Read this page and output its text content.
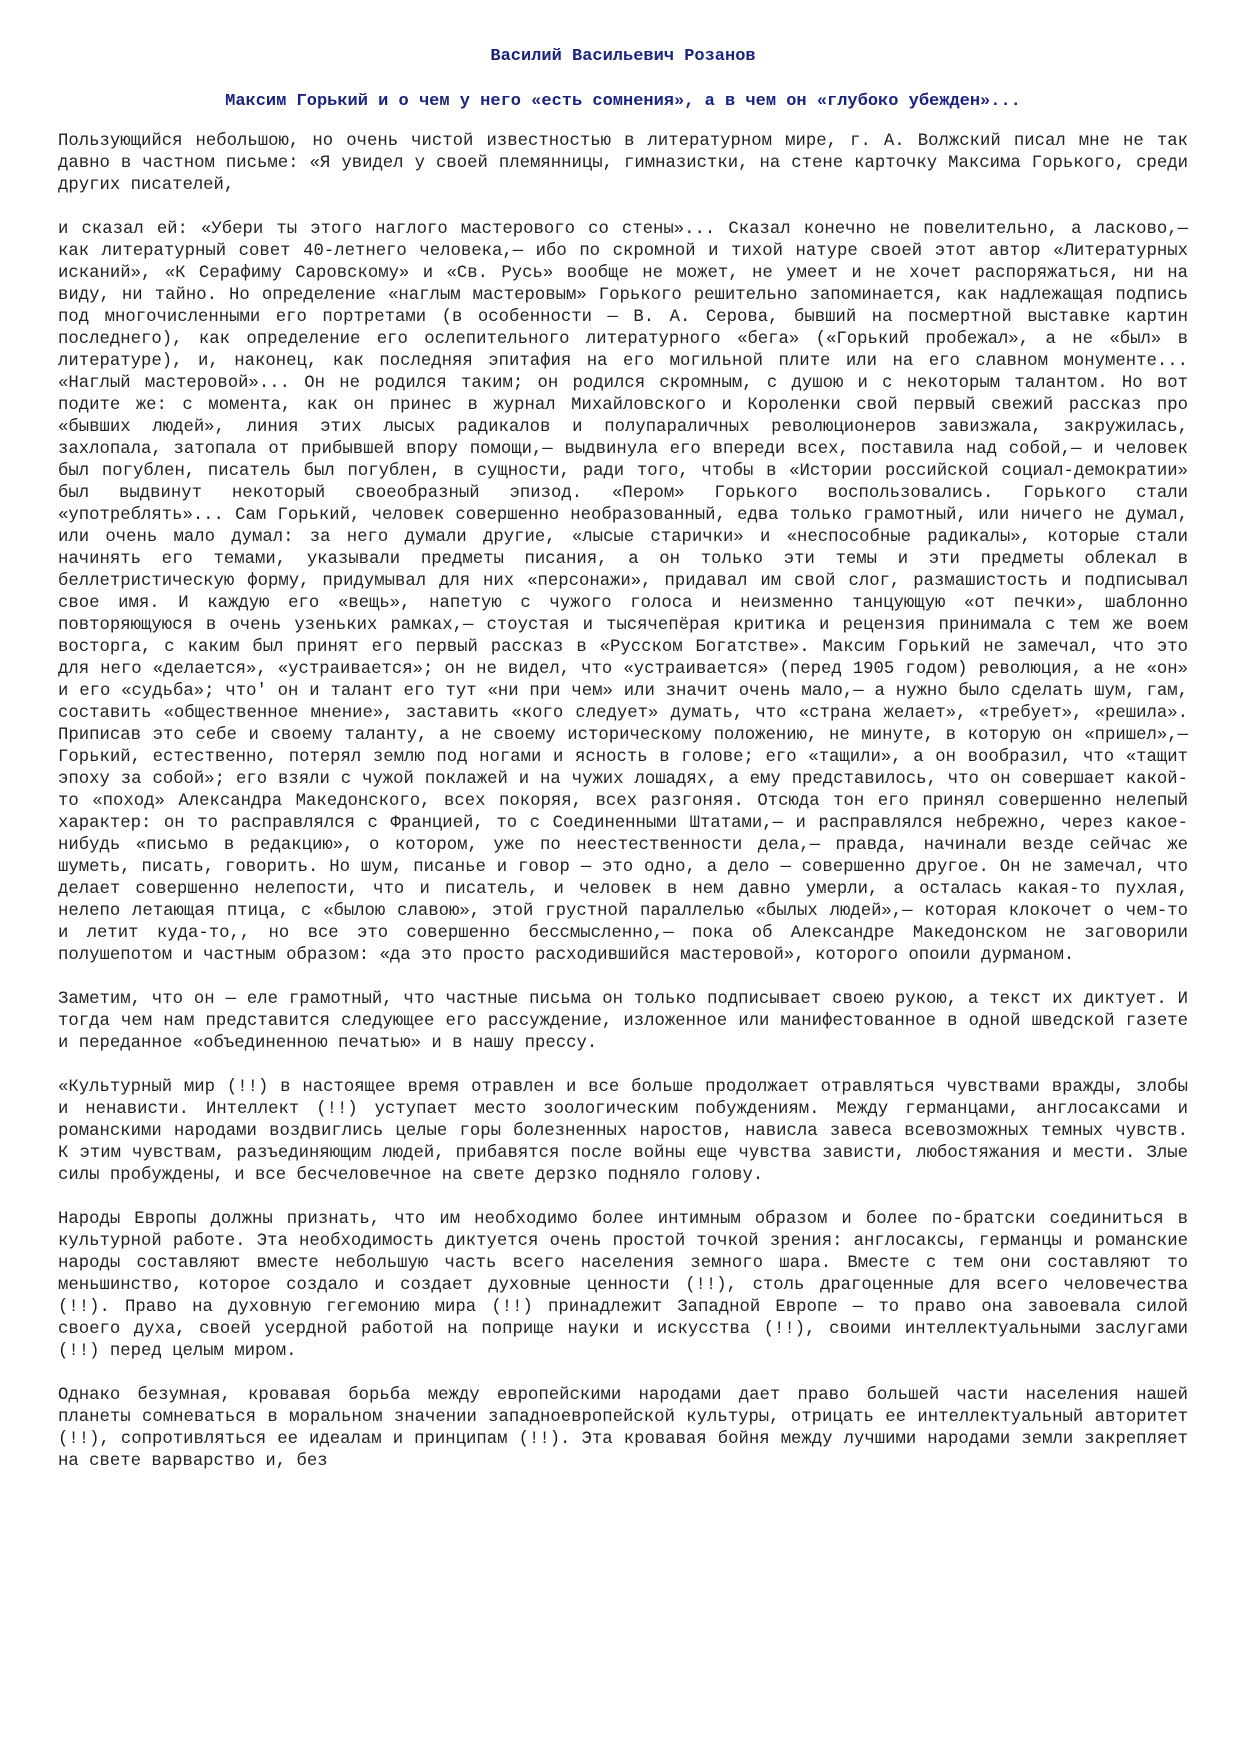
Василий Васильевич Розанов
Максим Горький и о чем у него «есть сомнения», а в чем он «глубоко убежден»...

Пользующийся небольшою, но очень чистой известностью в литературном мире, г. А. Волжский писал мне не так давно в частном письме: «Я увидел у своей племянницы, гимназистки, на стене карточку Максима Горького, среди других писателей,

и сказал ей: «Убери ты этого наглого мастерового со стены»... Сказал конечно не повелительно, а ласково,— как литературный совет 40-летнего человека,— ибо по скромной и тихой натуре своей этот автор «Литературных исканий», «К Серафиму Саровскому» и «Св. Русь» вообще не может, не умеет и не хочет распоряжаться, ни на виду, ни тайно. Но определение «наглым мастеровым» Горького решительно запоминается, как надлежащая подпись под многочисленными его портретами (в особенности — В. А. Серова, бывший на посмертной выставке картин последнего), как определение его ослепительного литературного «бега» («Горький пробежал», а не «был» в литературе), и, наконец, как последняя эпитафия на его могильной плите или на его славном монументе... «Наглый мастеровой»... Он не родился таким; он родился скромным, с душою и с некоторым талантом. Но вот подите же: с момента, как он принес в журнал Михайловского и Короленки свой первый свежий рассказ про «бывших людей», линия этих лысых радикалов и полупараличных революционеров завизжала, закружилась, захлопала, затопала от прибывшей впору помощи,— выдвинула его впереди всех, поставила над собой,— и человек был погублен, писатель был погублен, в сущности, ради того, чтобы в «Истории российской социал-демократии» был выдвинут некоторый своеобразный эпизод. «Пером» Горького воспользовались. Горького стали «употреблять»... Сам Горький, человек совершенно необразованный, едва только грамотный, или ничего не думал, или очень мало думал: за него думали другие, «лысые старички» и «неспособные радикалы», которые стали начинять его темами, указывали предметы писания, а он только эти темы и эти предметы облекал в беллетристическую форму, придумывал для них «персонажи», придавал им свой слог, размашистость и подписывал свое имя. И каждую его «вещь», напетую с чужого голоса и неизменно танцующую «от печки», шаблонно повторяющуюся в очень узеньких рамках,— стоустая и тысячепёрая критика и рецензия принимала с тем же воем восторга, с каким был принят его первый рассказ в «Русском Богатстве». Максим Горький не замечал, что это для него «делается», «устраивается»; он не видел, что «устраивается» (перед 1905 годом) революция, а не «он» и его «судьба»; что' он и талант его тут «ни при чем» или значит очень мало,— а нужно было сделать шум, гам, составить «общественное мнение», заставить «кого следует» думать, что «страна желает», «требует», «решила». Приписав это себе и своему таланту, а не своему историческому положению, не минуте, в которую он «пришел»,— Горький, естественно, потерял землю под ногами и ясность в голове; его «тащили», а он вообразил, что «тащит эпоху за собой»; его взяли с чужой поклажей и на чужих лошадях, а ему представилось, что он совершает какой-то «поход» Александра Македонского, всех покоряя, всех разгоняя. Отсюда тон его принял совершенно нелепый характер: он то расправлялся с Францией, то с Соединенными Штатами,— и расправлялся небрежно, через какое-нибудь «письмо в редакцию», о котором, уже по неестественности дела,— правда, начинали везде сейчас же шуметь, писать, говорить. Но шум, писанье и говор — это одно, а дело — совершенно другое. Он не замечал, что делает совершенно нелепости, что и писатель, и человек в нем давно умерли, а осталась какая-то пухлая, нелепо летающая птица, с «былою славою», этой грустной параллелью «былых людей»,— которая клокочет о чем-то и летит куда-то,, но все это совершенно бессмысленно,— пока об Александре Македонском не заговорили полушепотом и частным образом: «да это просто расходившийся мастеровой», которого опоили дурманом.

Заметим, что он — еле грамотный, что частные письма он только подписывает своею рукою, а текст их диктует. И тогда чем нам представится следующее его рассуждение, изложенное или манифестованное в одной шведской газете и переданное «объединенною печатью» и в нашу прессу.

«Культурный мир (!!) в настоящее время отравлен и все больше продолжает отравляться чувствами вражды, злобы и ненависти. Интеллект (!!) уступает место зоологическим побуждениям. Между германцами, англосаксами и романскими народами воздвиглись целые горы болезненных наростов, нависла завеса всевозможных темных чувств. К этим чувствам, разъединяющим людей, прибавятся после войны еще чувства зависти, любостяжания и мести. Злые силы пробуждены, и все бесчеловечное на свете дерзко подняло голову.

Народы Европы должны признать, что им необходимо более интимным образом и более по-братски соединиться в культурной работе. Эта необходимость диктуется очень простой точкой зрения: англосаксы, германцы и романские народы составляют вместе небольшую часть всего населения земного шара. Вместе с тем они составляют то меньшинство, которое создало и создает духовные ценности (!!), столь драгоценные для всего человечества (!!). Право на духовную гегемонию мира (!!) принадлежит Западной Европе — то право она завоевала силой своего духа, своей усердной работой на поприще науки и искусства (!!), своими интеллектуальными заслугами (!!) перед целым миром.

Однако безумная, кровавая борьба между европейскими народами дает право большей части населения нашей планеты сомневаться в моральном значении западноевропейской культуры, отрицать ее интеллектуальный авторитет (!!), сопротивляться ее идеалам и принципам (!!). Эта кровавая бойня между лучшими народами земли закрепляет на свете варварство и, без
